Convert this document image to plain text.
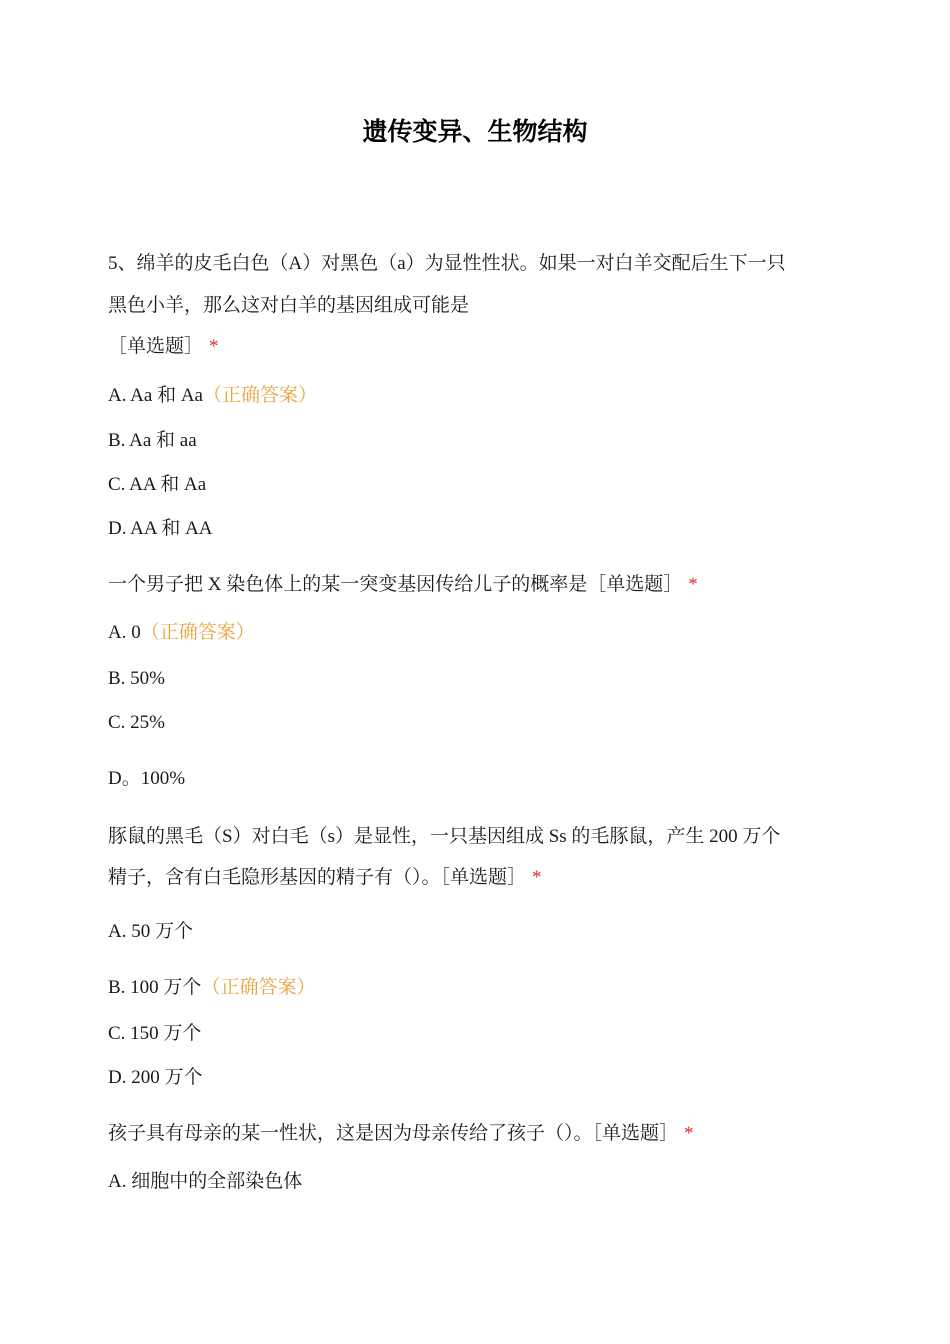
遗传变异、生物结构
5、绵羊的皮毛白色（A）对黑色（a）为显性性状。如果一对白羊交配后生下一只
黑色小羊，那么这对白羊的基因组成可能是
［单选题］ *
A. Aa 和 Aa（正确答案）
B. Aa 和 aa
C. AA 和 Aa
D. AA 和 AA
一个男子把 X 染色体上的某一突变基因传给儿子的概率是［单选题］ *
A. 0（正确答案）
B. 50%
C. 25%
D。100%
豚鼠的黑毛（S）对白毛（s）是显性，一只基因组成 Ss 的毛豚鼠，产生 200 万个
精子，含有白毛隐形基因的精子有（）。［单选题］ *
A. 50 万个
B. 100 万个（正确答案）
C. 150 万个
D. 200 万个
孩子具有母亲的某一性状，这是因为母亲传给了孩子（）。［单选题］ *
A. 细胞中的全部染色体
